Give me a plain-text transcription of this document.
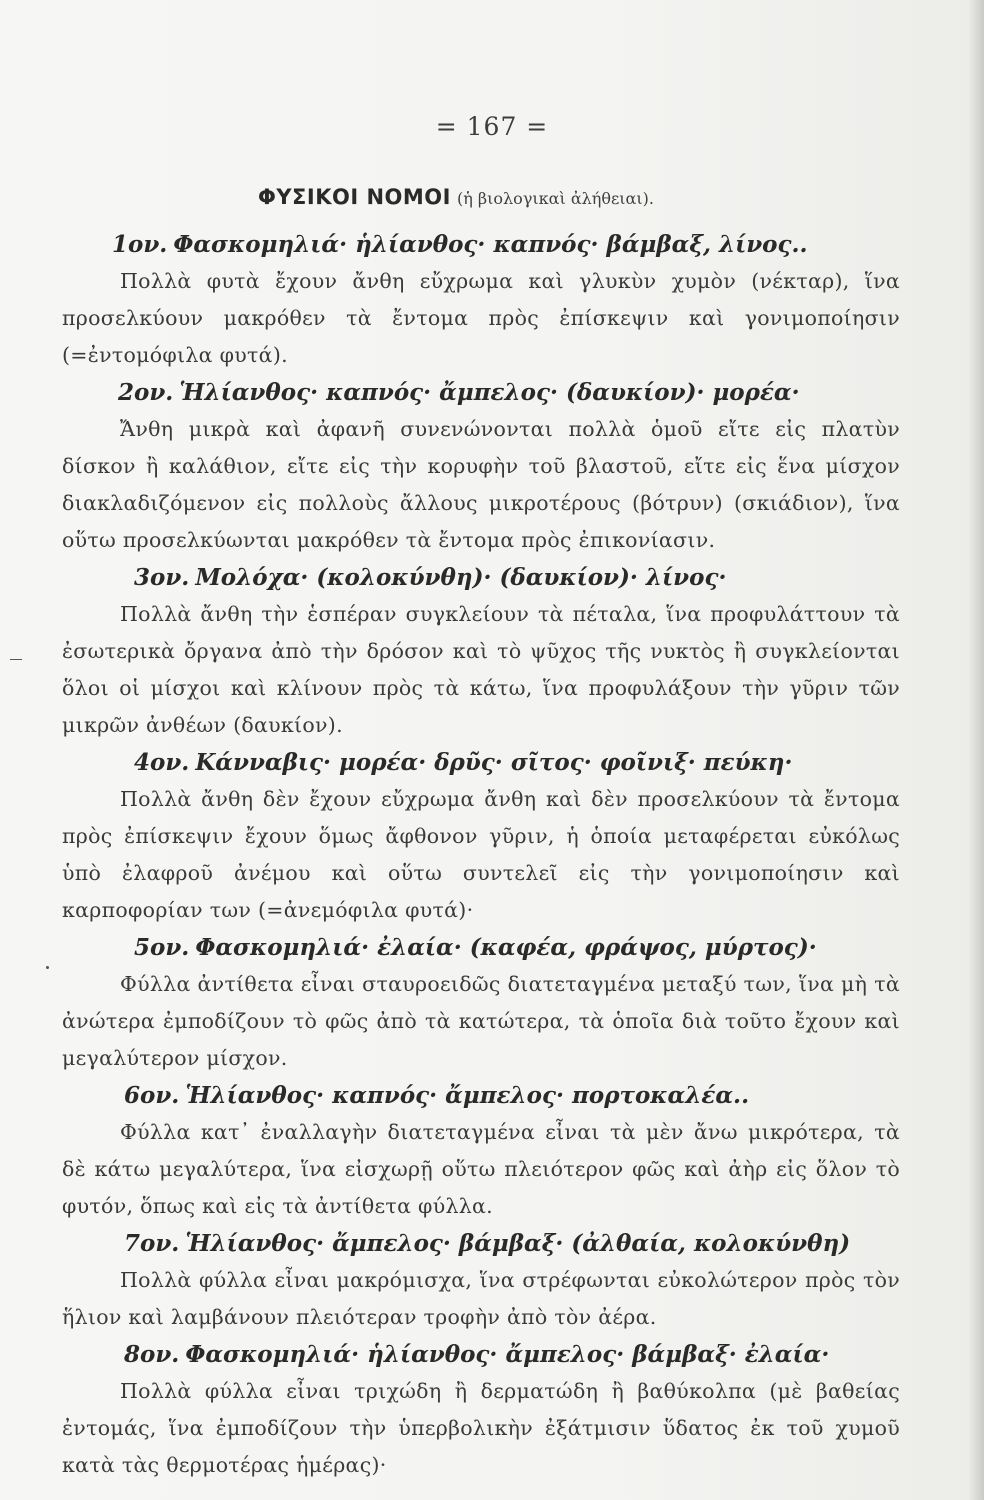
= 167 =
ΦΥΣΙΚΟΙ ΝΟΜΟΙ (ἡ βιολογικαὶ ἀλήθειαι).
1ον. Φασκομηλιά· ἡλίανθος· καπνός· βάμβαξ, λίνος..

Πολλὰ φυτὰ ἔχουν ἄνθη εὔχρωμα καὶ γλυκὺν χυμὸν (νέκταρ), ἵνα προσελκύουν μακρόθεν τὰ ἔντομα πρὸς ἐπίσκεψιν καὶ γονιμοποίησιν (=ἐντομόφιλα φυτά).

2ον. Ἡλίανθος· καπνός· ἄμπελος· (δαυκίον)· μορέα·

Ἄνθη μικρὰ καὶ ἀφανῆ συνενώνονται πολλὰ ὁμοῦ εἴτε εἰς πλατὺν δίσκον ἢ καλάθιον, εἴτε εἰς τὴν κορυφὴν τοῦ βλαστοῦ, εἴτε εἰς ἕνα μίσχον διακλαδιζόμενον εἰς πολλοὺς ἄλλους μικροτέρους (βότρυν) (σκιάδιον), ἵνα οὕτω προσελκύωνται μακρόθεν τὰ ἔντομα πρὸς ἐπικονίασιν.

3ον. Μολόχα· (κολοκύνθη)· (δαυκίον)· λίνος·

Πολλὰ ἄνθη τὴν ἑσπέραν συγκλείουν τὰ πέταλα, ἵνα προφυλάττουν τὰ ἐσωτερικὰ ὄργανα ἀπὸ τὴν δρόσον καὶ τὸ ψῦχος τῆς νυκτὸς ἢ συγκλείονται ὅλοι οἱ μίσχοι καὶ κλίνουν πρὸς τὰ κάτω, ἵνα προφυλάξουν τὴν γῦριν τῶν μικρῶν ἀνθέων (δαυκίον).

4ον. Κάνναβις· μορέα· δρῦς· σῖτος· φοῖνιξ· πεύκη·

Πολλὰ ἄνθη δὲν ἔχουν εὔχρωμα ἄνθη καὶ δὲν προσελκύουν τὰ ἔντομα πρὸς ἐπίσκεψιν ἔχουν ὅμως ἄφθονον γῦριν, ἡ ὁποία μεταφέρεται εὐκόλως ὑπὸ ἐλαφροῦ ἀνέμου καὶ οὕτω συντελεῖ εἰς τὴν γονιμοποίησιν καὶ καρποφορίαν των (=ἀνεμόφιλα φυτά)·

5ον. Φασκομηλιά· ἐλαία· (καφέα, φράψος, μύρτος)·

Φύλλα ἀντίθετα εἶναι σταυροειδῶς διατεταγμένα μεταξύ των, ἵνα μὴ τὰ ἀνώτερα ἐμποδίζουν τὸ φῶς ἀπὸ τὰ κατώτερα, τὰ ὁποῖα διὰ τοῦτο ἔχουν καὶ μεγαλύτερον μίσχον.

6ον. Ἡλίανθος· καπνός· ἄμπελος· πορτοκαλέα..

Φύλλα κατ᾽ ἐναλλαγὴν διατεταγμένα εἶναι τὰ μὲν ἄνω μικρότερα, τὰ δὲ κάτω μεγαλύτερα, ἵνα εἰσχωρῇ οὕτω πλειότερον φῶς καὶ ἀὴρ εἰς ὅλον τὸ φυτόν, ὅπως καὶ εἰς τὰ ἀντίθετα φύλλα.

7ον. Ἡλίανθος· ἄμπελος· βάμβαξ· (ἀλθαία, κολοκύνθη)

Πολλὰ φύλλα εἶναι μακρόμισχα, ἵνα στρέφωνται εὐκολώτερον πρὸς τὸν ἥλιον καὶ λαμβάνουν πλειότεραν τροφὴν ἀπὸ τὸν ἀέρα.

8ον. Φασκομηλιά· ἡλίανθος· ἄμπελος· βάμβαξ· ἐλαία·

Πολλὰ φύλλα εἶναι τριχώδη ἢ δερματώδη ἢ βαθύκολπα (μὲ βαθείας ἐντομάς, ἵνα ἐμποδίζουν τὴν ὑπερβολικὴν ἐξάτμισιν ὕδατος ἐκ τοῦ χυμοῦ κατὰ τὰς θερμοτέρας ἡμέρας)·
